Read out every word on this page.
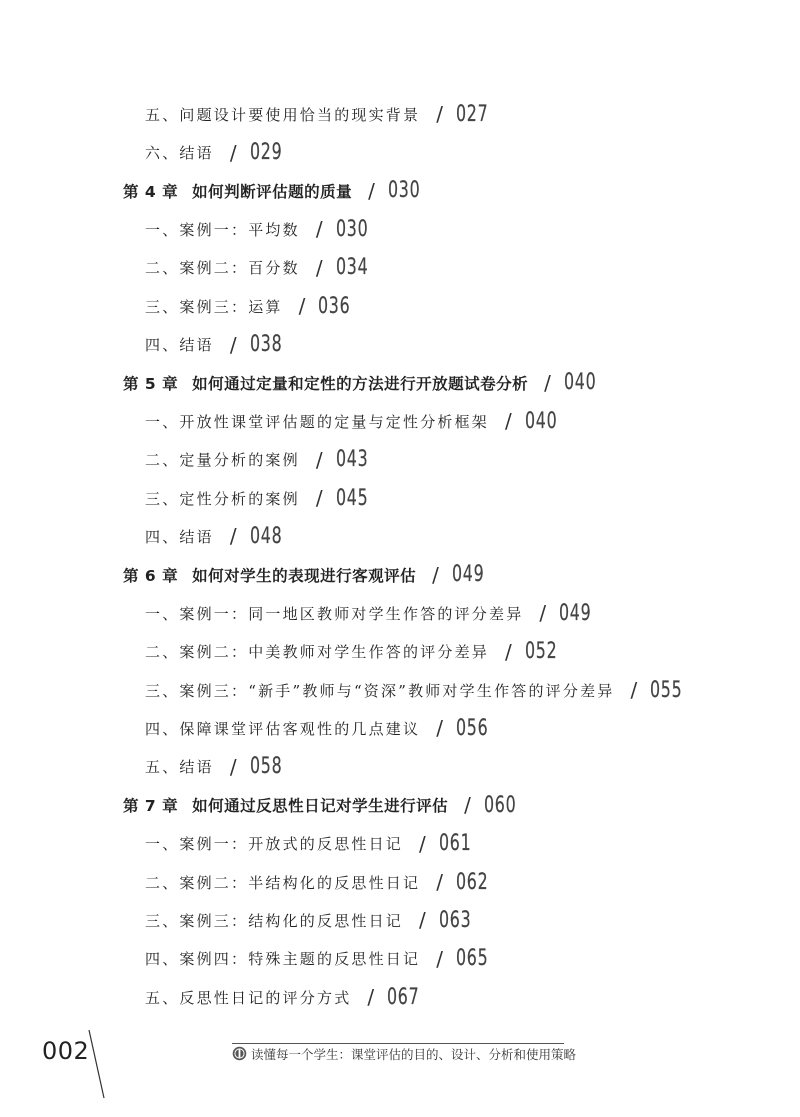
五、问题设计要使用恰当的现实背景 / 027
六、结语 / 029
第 4 章 如何判断评估题的质量 / 030
一、案例一：平均数 / 030
二、案例二：百分数 / 034
三、案例三：运算 / 036
四、结语 / 038
第 5 章 如何通过定量和定性的方法进行开放题试卷分析 / 040
一、开放性课堂评估题的定量与定性分析框架 / 040
二、定量分析的案例 / 043
三、定性分析的案例 / 045
四、结语 / 048
第 6 章 如何对学生的表现进行客观评估 / 049
一、案例一：同一地区教师对学生作答的评分差异 / 049
二、案例二：中美教师对学生作答的评分差异 / 052
三、案例三：“新手”教师与“资深”教师对学生作答的评分差异 / 055
四、保障课堂评估客观性的几点建议 / 056
五、结语 / 058
第 7 章 如何通过反思性日记对学生进行评估 / 060
一、案例一：开放式的反思性日记 / 061
二、案例二：半结构化的反思性日记 / 062
三、案例三：结构化的反思性日记 / 063
四、案例四：特殊主题的反思性日记 / 065
五、反思性日记的评分方式 / 067
002	读懂每一个学生：课堂评估的目的、设计、分析和使用策略
